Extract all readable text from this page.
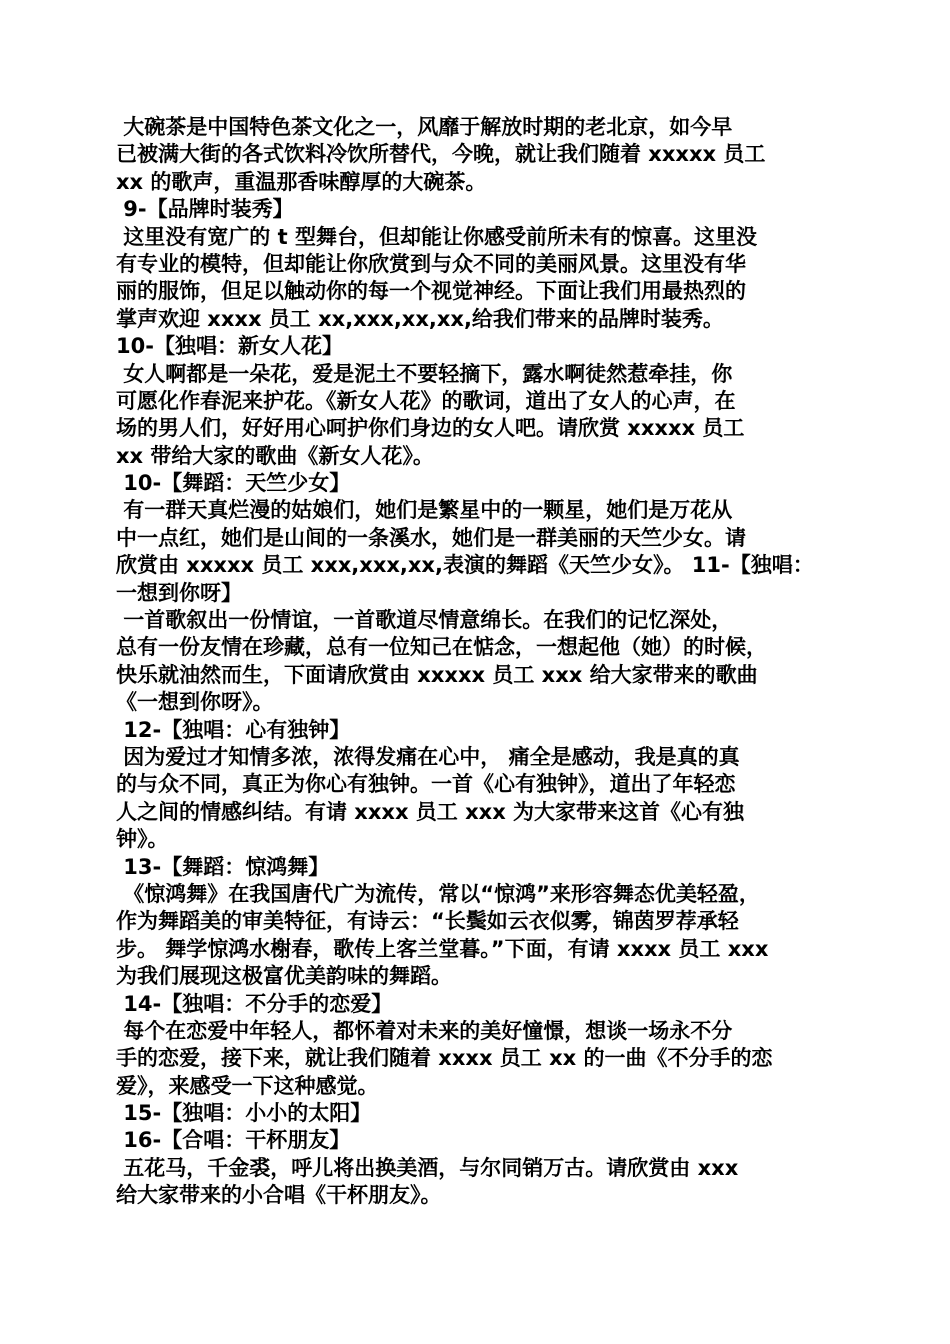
大碗茶是中国特色茶文化之一，风靡于解放时期的老北京，如今早
已被满大街的各式饮料冷饮所替代，今晚，就让我们随着 xxxxx 员工
xx 的歌声，重温那香味醇厚的大碗茶。
9-【品牌时装秀】
这里没有宽广的 t 型舞台，但却能让你感受前所未有的惊喜。这里没
有专业的模特，但却能让你欣赏到与众不同的美丽风景。这里没有华
丽的服饰，但足以触动你的每一个视觉神经。下面让我们用最热烈的
掌声欢迎 xxxx 员工 xx,xxx,xx,xx,给我们带来的品牌时装秀。
10-【独唱：新女人花】
女人啊都是一朵花，爱是泥土不要轻摘下，露水啊徒然惹牵挂，你
可愿化作春泥来护花。《新女人花》的歌词，道出了女人的心声，在
场的男人们，好好用心呵护你们身边的女人吧。请欣赏 xxxxx 员工
xx 带给大家的歌曲《新女人花》。
10-【舞蹈：天竺少女】
有一群天真烂漫的姑娘们，她们是繁星中的一颗星，她们是万花从
中一点红，她们是山间的一条溪水，她们是一群美丽的天竺少女。请
欣赏由 xxxxx 员工 xxx,xxx,xx,表演的舞蹈《天竺少女》。 11-【独唱：
一想到你呀】
一首歌叙出一份情谊，一首歌道尽情意绵长。在我们的记忆深处，
总有一份友情在珍藏，总有一位知己在惦念，一想起他（她）的时候，
快乐就油然而生，下面请欣赏由 xxxxx 员工 xxx 给大家带来的歌曲
《一想到你呀》。
12-【独唱：心有独钟】
因为爱过才知情多浓，浓得发痛在心中， 痛全是感动，我是真的真
的与众不同，真正为你心有独钟。一首《心有独钟》，道出了年轻恋
人之间的情感纠结。有请 xxxx 员工 xxx 为大家带来这首《心有独
钟》。
13-【舞蹈：惊鸿舞】
《惊鸿舞》在我国唐代广为流传，常以“惊鸿”来形容舞态优美轻盈，
作为舞蹈美的审美特征，有诗云：“长鬓如云衣似雾，锦茵罗荐承轻
步。 舞学惊鸿水榭春，歌传上客兰堂暮。”下面，有请 xxxx 员工 xxx
为我们展现这极富优美韵味的舞蹈。
14-【独唱：不分手的恋爱】
每个在恋爱中年轻人，都怀着对未来的美好憧憬，想谈一场永不分
手的恋爱，接下来，就让我们随着 xxxx 员工 xx 的一曲《不分手的恋
爱》，来感受一下这种感觉。
15-【独唱：小小的太阳】
16-【合唱：干杯朋友】
五花马，千金裘，呼儿将出换美酒，与尔同销万古。请欣赏由 xxx
给大家带来的小合唱《干杯朋友》。
